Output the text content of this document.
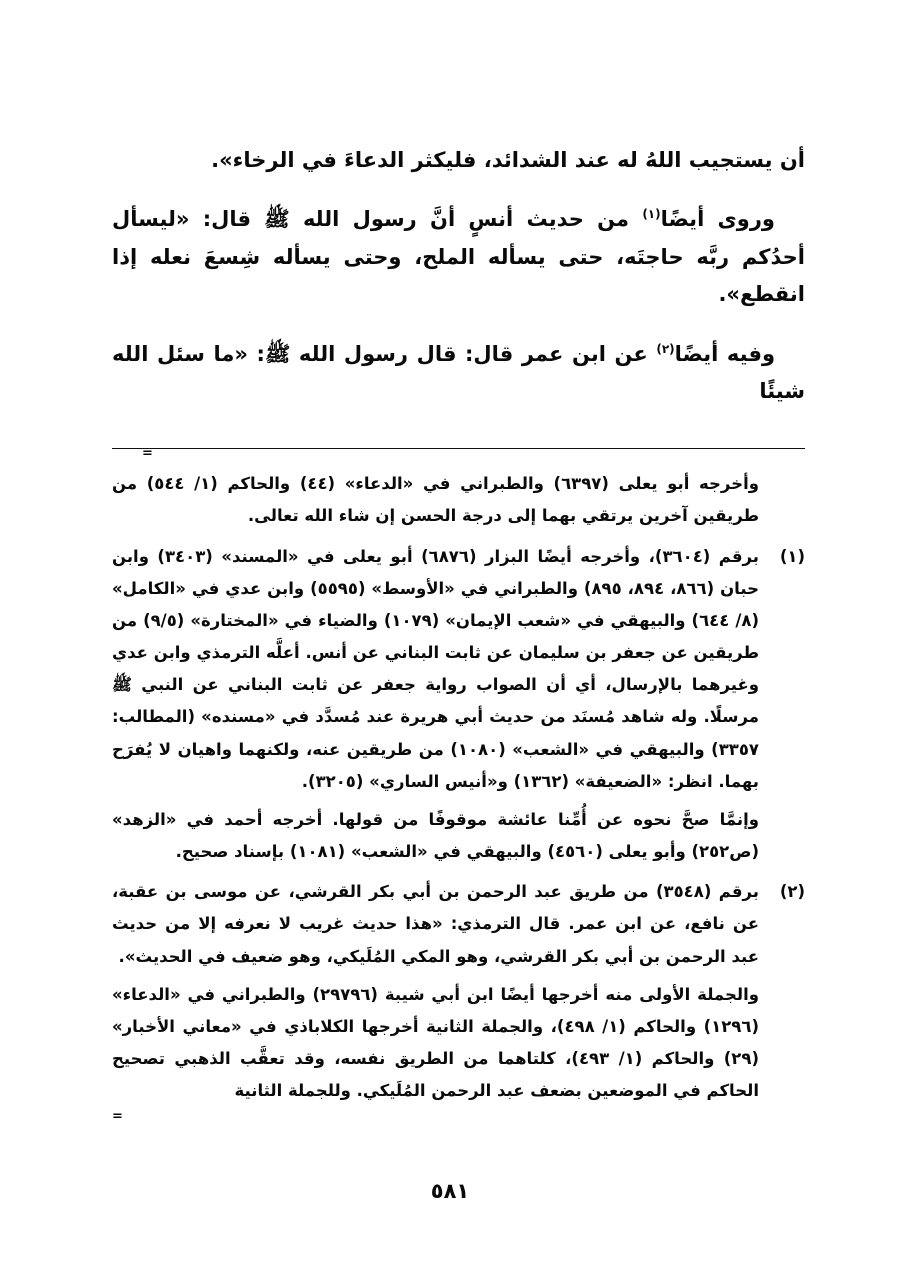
أن يستجيب اللهُ له عند الشدائد، فليكثر الدعاءَ في الرخاء».

وروى أيضًا$^{(١)}$ من حديث أنسٍ أنَّ رسول الله ﷺ قال: «ليسأل أحدُكم ربَّه حاجتَه، حتى يسأله الملح، وحتى يسأله شِسعَ نعله إذا انقطع».

وفيه أيضًا$^{(٢)}$ عن ابن عمر قال: قال رسول الله ﷺ: «ما سئل الله شيئًا

=

وأخرجه أبو يعلى (٦٣٩٧) والطبراني في «الدعاء» (٤٤) والحاكم (١/ ٥٤٤) من طريقين آخرين يرتقي بهما إلى درجة الحسن إن شاء الله تعالى.

(١)

برقم (٣٦٠٤)، وأخرجه أيضًا البزار (٦٨٧٦) أبو يعلى في «المسند» (٣٤٠٣) وابن حبان (٨٦٦، ٨٩٤، ٨٩٥) والطبراني في «الأوسط» (٥٥٩٥) وابن عدي في «الكامل» (٨/ ٦٤٤) والبيهقي في «شعب الإيمان» (١٠٧٩) والضياء في «المختارة» (٩/٥) من طريقين عن جعفر بن سليمان عن ثابت البناني عن أنس. أعلَّه الترمذي وابن عدي وغيرهما بالإرسال، أي أن الصواب رواية جعفر عن ثابت البناني عن النبي ﷺ مرسلًا. وله شاهد مُسنَد من حديث أبي هريرة عند مُسدَّد في «مسنده» (المطالب: ٣٣٥٧) والبيهقي في «الشعب» (١٠٨٠) من طريقين عنه، ولكنهما واهيان لا يُفرَح بهما. انظر: «الضعيفة» (١٣٦٢) و«أنيس الساري» (٣٢٠٥).

وإنمَّا صحَّ نحوه عن أُمِّنا عائشة موقوفًا من قولها. أخرجه أحمد في «الزهد» (ص٢٥٢) وأبو يعلى (٤٥٦٠) والبيهقي في «الشعب» (١٠٨١) بإسناد صحيح.

(٢)

برقم (٣٥٤٨) من طريق عبد الرحمن بن أبي بكر القرشي، عن موسى بن عقبة، عن نافع، عن ابن عمر. قال الترمذي: «هذا حديث غريب لا نعرفه إلا من حديث عبد الرحمن بن أبي بكر القرشي، وهو المكي المُلَيكي، وهو ضعيف في الحديث».

والجملة الأولى منه أخرجها أيضًا ابن أبي شيبة (٢٩٧٩٦) والطبراني في «الدعاء» (١٢٩٦) والحاكم (١/ ٤٩٨)، والجملة الثانية أخرجها الكلاباذي في «معاني الأخبار» (٢٩) والحاكم (١/ ٤٩٣)، كلتاهما من الطريق نفسه، وقد تعقَّب الذهبي تصحيح الحاكم في الموضعين بضعف عبد الرحمن المُلَيكي. وللجملة الثانية

=
٥٨١
